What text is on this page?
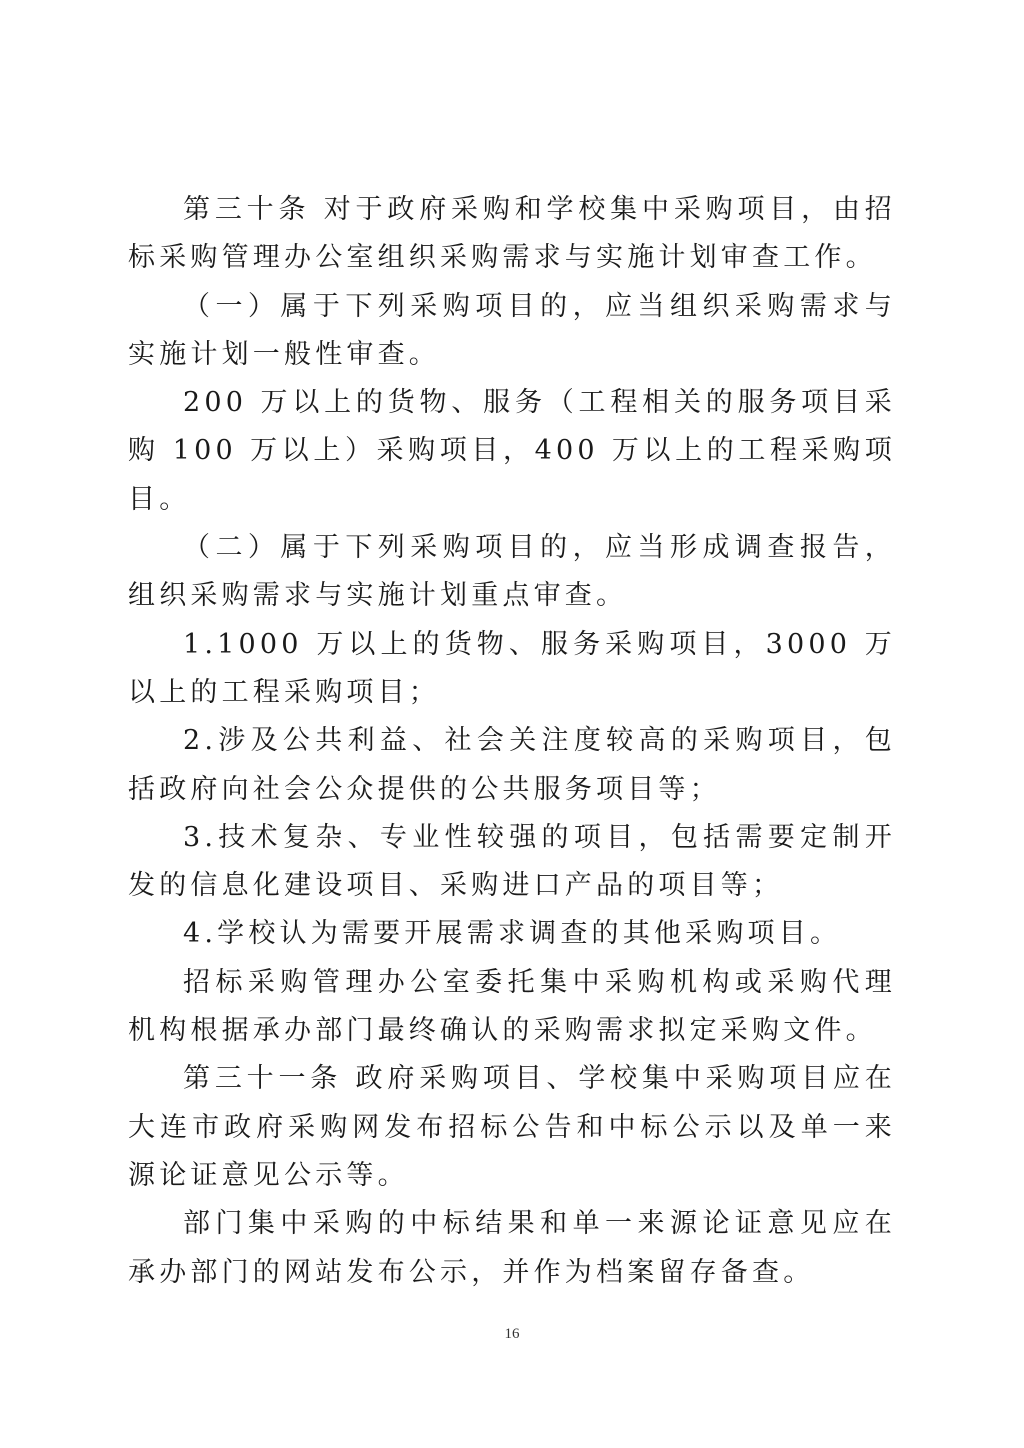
第三十条 对于政府采购和学校集中采购项目，由招标采购管理办公室组织采购需求与实施计划审查工作。

（一）属于下列采购项目的，应当组织采购需求与实施计划一般性审查。

200 万以上的货物、服务（工程相关的服务项目采购 100 万以上）采购项目，400 万以上的工程采购项目。

（二）属于下列采购项目的，应当形成调查报告，组织采购需求与实施计划重点审查。

1.1000 万以上的货物、服务采购项目，3000 万以上的工程采购项目；

2.涉及公共利益、社会关注度较高的采购项目，包括政府向社会公众提供的公共服务项目等；

3.技术复杂、专业性较强的项目，包括需要定制开发的信息化建设项目、采购进口产品的项目等；

4.学校认为需要开展需求调查的其他采购项目。

招标采购管理办公室委托集中采购机构或采购代理机构根据承办部门最终确认的采购需求拟定采购文件。

第三十一条 政府采购项目、学校集中采购项目应在大连市政府采购网发布招标公告和中标公示以及单一来源论证意见公示等。

部门集中采购的中标结果和单一来源论证意见应在承办部门的网站发布公示，并作为档案留存备查。

16
